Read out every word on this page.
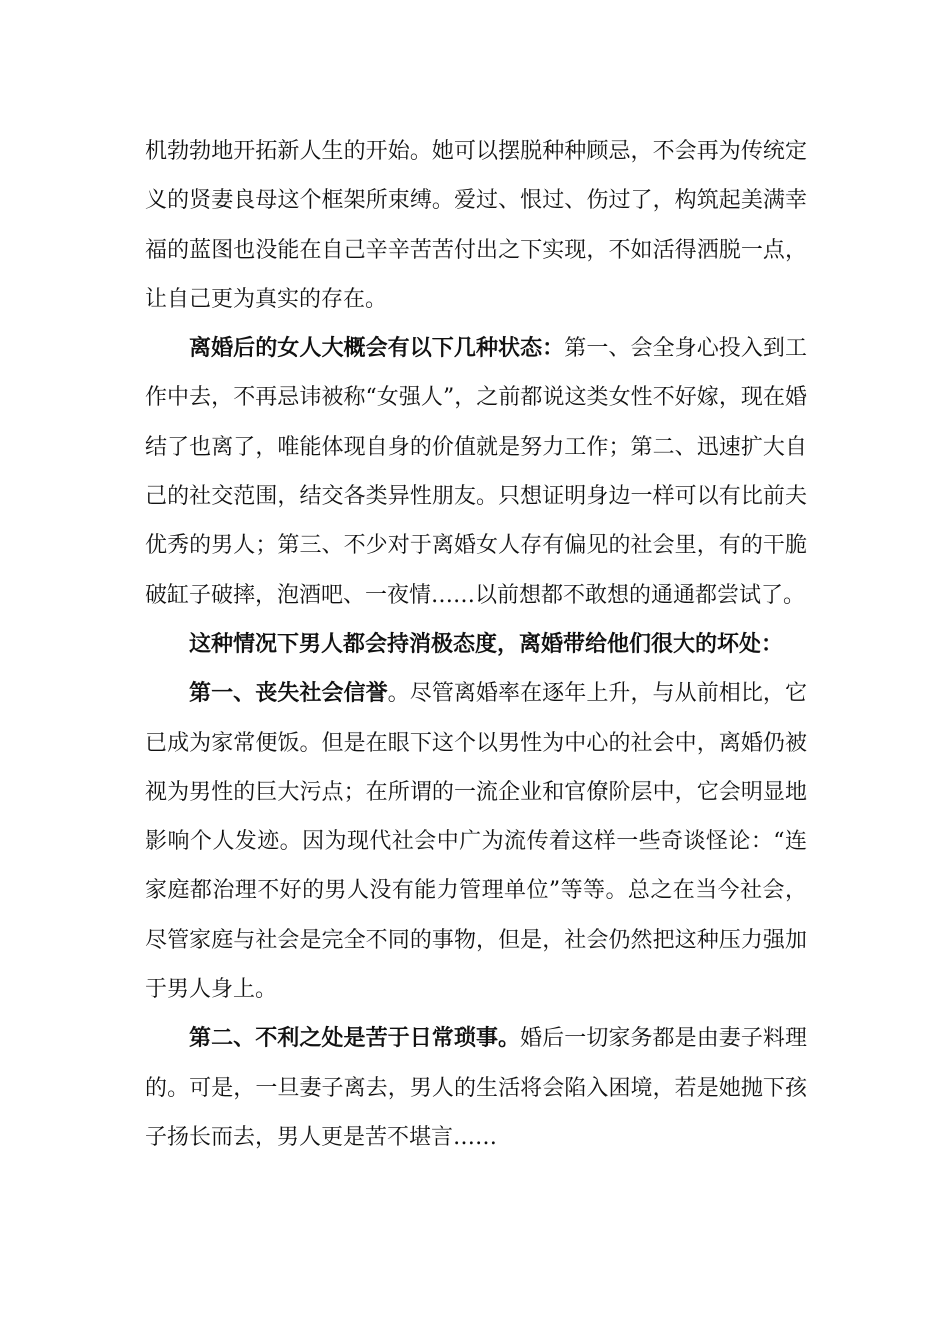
机勃勃地开拓新人生的开始。她可以摆脱种种顾忌，不会再为传统定义的贤妻良母这个框架所束缚。爱过、恨过、伤过了，构筑起美满幸福的蓝图也没能在自己辛辛苦苦付出之下实现，不如活得洒脱一点，让自己更为真实的存在。

离婚后的女人大概会有以下几种状态：第一、会全身心投入到工作中去，不再忌讳被称“女强人”，之前都说这类女性不好嫁，现在婚结了也离了，唯能体现自身的价值就是努力工作；第二、迅速扩大自己的社交范围，结交各类异性朋友。只想证明身边一样可以有比前夫优秀的男人；第三、不少对于离婚女人存有偏见的社会里，有的干脆破缸子破摔，泡酒吧、一夜情……以前想都不敢想的通通都尝试了。

这种情况下男人都会持消极态度，离婚带给他们很大的坏处：

第一、丧失社会信誉。尽管离婚率在逐年上升，与从前相比，它已成为家常便饭。但是在眼下这个以男性为中心的社会中，离婚仍被视为男性的巨大污点；在所谓的一流企业和官僚阶层中，它会明显地影响个人发迹。因为现代社会中广为流传着这样一些奇谈怪论：“连家庭都治理不好的男人没有能力管理单位”等等。总之在当今社会，尽管家庭与社会是完全不同的事物，但是，社会仍然把这种压力强加于男人身上。

第二、不利之处是苦于日常琐事。婚后一切家务都是由妻子料理的。可是，一旦妻子离去，男人的生活将会陷入困境，若是她抛下孩子扬长而去，男人更是苦不堪言……
